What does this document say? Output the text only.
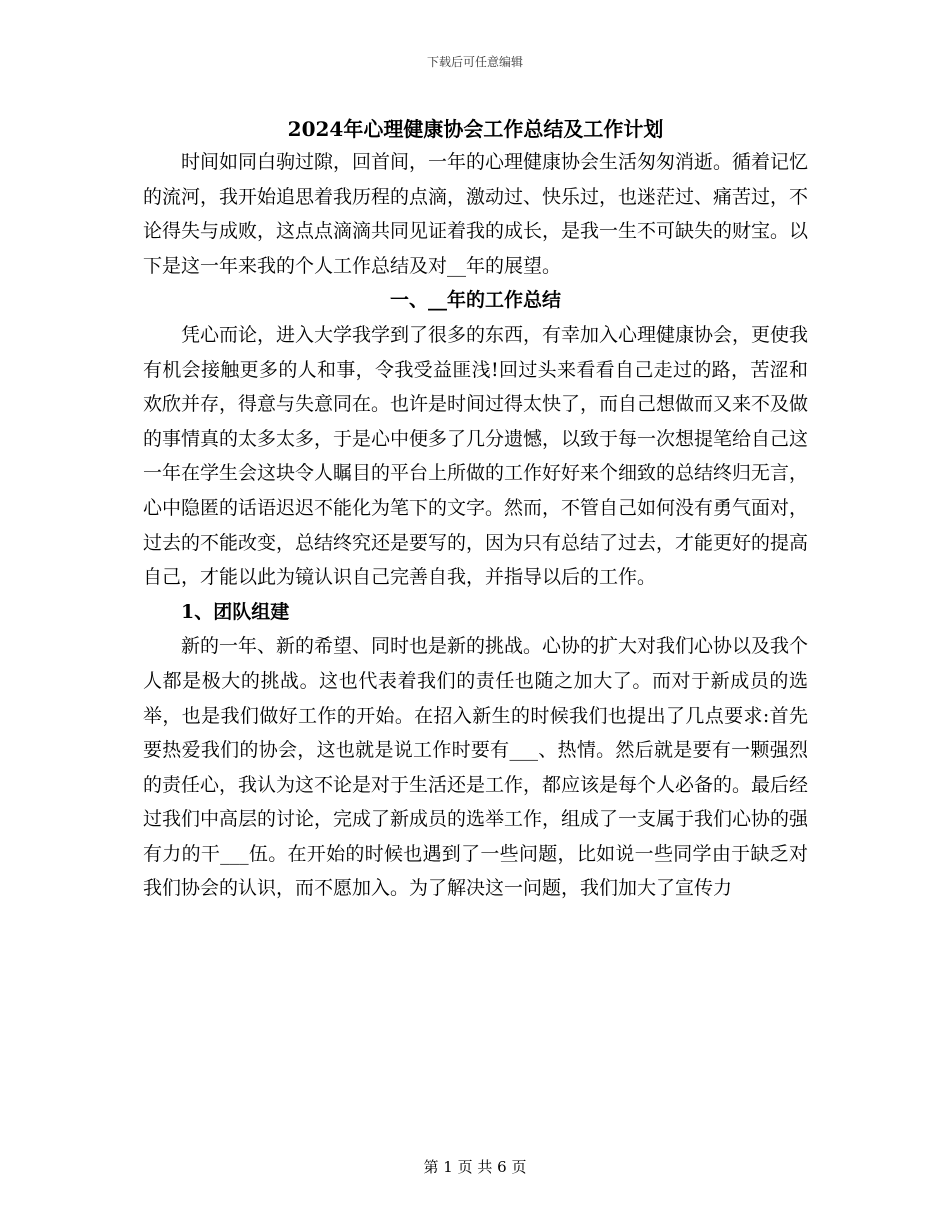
下载后可任意编辑
2024年心理健康协会工作总结及工作计划

时间如同白驹过隙，回首间，一年的心理健康协会生活匆匆消逝。循着记忆的流河，我开始追思着我历程的点滴，激动过、快乐过，也迷茫过、痛苦过，不论得失与成败，这点点滴滴共同见证着我的成长，是我一生不可缺失的财宝。以下是这一年来我的个人工作总结及对__年的展望。

一、__年的工作总结

凭心而论，进入大学我学到了很多的东西，有幸加入心理健康协会，更使我有机会接触更多的人和事，令我受益匪浅!回过头来看看自己走过的路，苦涩和欢欣并存，得意与失意同在。也许是时间过得太快了，而自己想做而又来不及做的事情真的太多太多，于是心中便多了几分遗憾，以致于每一次想提笔给自己这一年在学生会这块令人瞩目的平台上所做的工作好好来个细致的总结终归无言，心中隐匿的话语迟迟不能化为笔下的文字。然而，不管自己如何没有勇气面对，过去的不能改变，总结终究还是要写的，因为只有总结了过去，才能更好的提高自己，才能以此为镜认识自己完善自我，并指导以后的工作。

1、团队组建

新的一年、新的希望、同时也是新的挑战。心协的扩大对我们心协以及我个人都是极大的挑战。这也代表着我们的责任也随之加大了。而对于新成员的选举，也是我们做好工作的开始。在招入新生的时候我们也提出了几点要求:首先要热爱我们的协会，这也就是说工作时要有___、热情。然后就是要有一颗强烈的责任心，我认为这不论是对于生活还是工作，都应该是每个人必备的。最后经过我们中高层的讨论，完成了新成员的选举工作，组成了一支属于我们心协的强有力的干___伍。在开始的时候也遇到了一些问题，比如说一些同学由于缺乏对我们协会的认识，而不愿加入。为了解决这一问题，我们加大了宣传力

第 1 页 共 6 页
